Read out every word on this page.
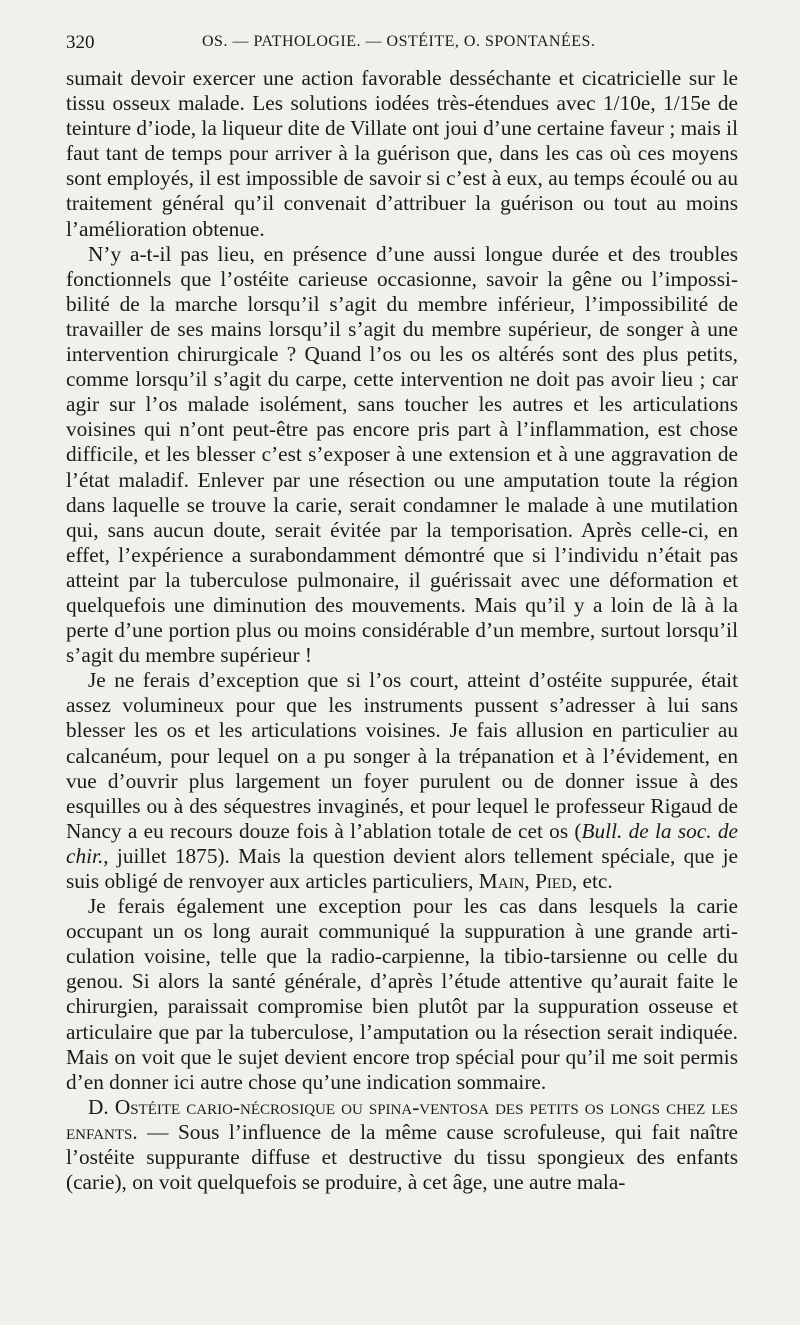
320	OS. — PATHOLOGIE. — OSTÉITE, O. SPONTANÉES.

sumait devoir exercer une action favorable desséchante et cicatricielle sur le tissu osseux malade. Les solutions iodées très-étendues avec 1/10e, 1/15e de teinture d’iode, la liqueur dite de Villate ont joui d’une certaine faveur ; mais il faut tant de temps pour arriver à la guérison que, dans les cas où ces moyens sont employés, il est impossible de savoir si c’est à eux, au temps écoulé ou au traitement général qu’il convenait d’attribuer la guérison ou tout au moins l’amélioration obtenue.

N’y a-t-il pas lieu, en présence d’une aussi longue durée et des troubles fonctionnels que l’ostéite carieuse occasionne, savoir la gêne ou l’impossibilité de la marche lorsqu’il s’agit du membre inférieur, l’impossibilité de travailler de ses mains lorsqu’il s’agit du membre supérieur, de songer à une intervention chirurgicale ? Quand l’os ou les os altérés sont des plus petits, comme lorsqu’il s’agit du carpe, cette intervention ne doit pas avoir lieu ; car agir sur l’os malade isolément, sans toucher les autres et les articulations voisines qui n’ont peut-être pas encore pris part à l’inflammation, est chose difficile, et les blesser c’est s’exposer à une extension et à une aggravation de l’état maladif. Enlever par une résection ou une amputation toute la région dans laquelle se trouve la carie, serait condamner le malade à une mutilation qui, sans aucun doute, serait évitée par la temporisation. Après celle-ci, en effet, l’expérience a surabondamment démontré que si l’individu n’était pas atteint par la tuberculose pulmonaire, il guérissait avec une déformation et quelquefois une diminution des mouvements. Mais qu’il y a loin de là à la perte d’une portion plus ou moins considérable d’un membre, surtout lorsqu’il s’agit du membre supérieur !

Je ne ferais d’exception que si l’os court, atteint d’ostéite suppurée, était assez volumineux pour que les instruments pussent s’adresser à lui sans blesser les os et les articulations voisines. Je fais allusion en particulier au calcanéum, pour lequel on a pu songer à la trépanation et à l’évidement, en vue d’ouvrir plus largement un foyer purulent ou de donner issue à des esquilles ou à des séquestres invaginés, et pour lequel le professeur Rigaud de Nancy a eu recours douze fois à l’ablation totale de cet os (Bull. de la soc. de chir., juillet 1875). Mais la question devient alors tellement spéciale, que je suis obligé de renvoyer aux articles particuliers, Main, Pied, etc.

Je ferais également une exception pour les cas dans lesquels la carie occupant un os long aurait communiqué la suppuration à une grande articulation voisine, telle que la radio-carpienne, la tibio-tarsienne ou celle du genou. Si alors la santé générale, d’après l’étude attentive qu’aurait faite le chirurgien, paraissait compromise bien plutôt par la suppuration osseuse et articulaire que par la tuberculose, l’amputation ou la résection serait indiquée. Mais on voit que le sujet devient encore trop spécial pour qu’il me soit permis d’en donner ici autre chose qu’une indication sommaire.

D. Ostéite cario-nécrosique ou spina-ventosa des petits os longs chez les enfants. — Sous l’influence de la même cause scrofuleuse, qui fait naître l’ostéite suppurante diffuse et destructive du tissu spongieux des enfants (carie), on voit quelquefois se produire, à cet âge, une autre mala-
